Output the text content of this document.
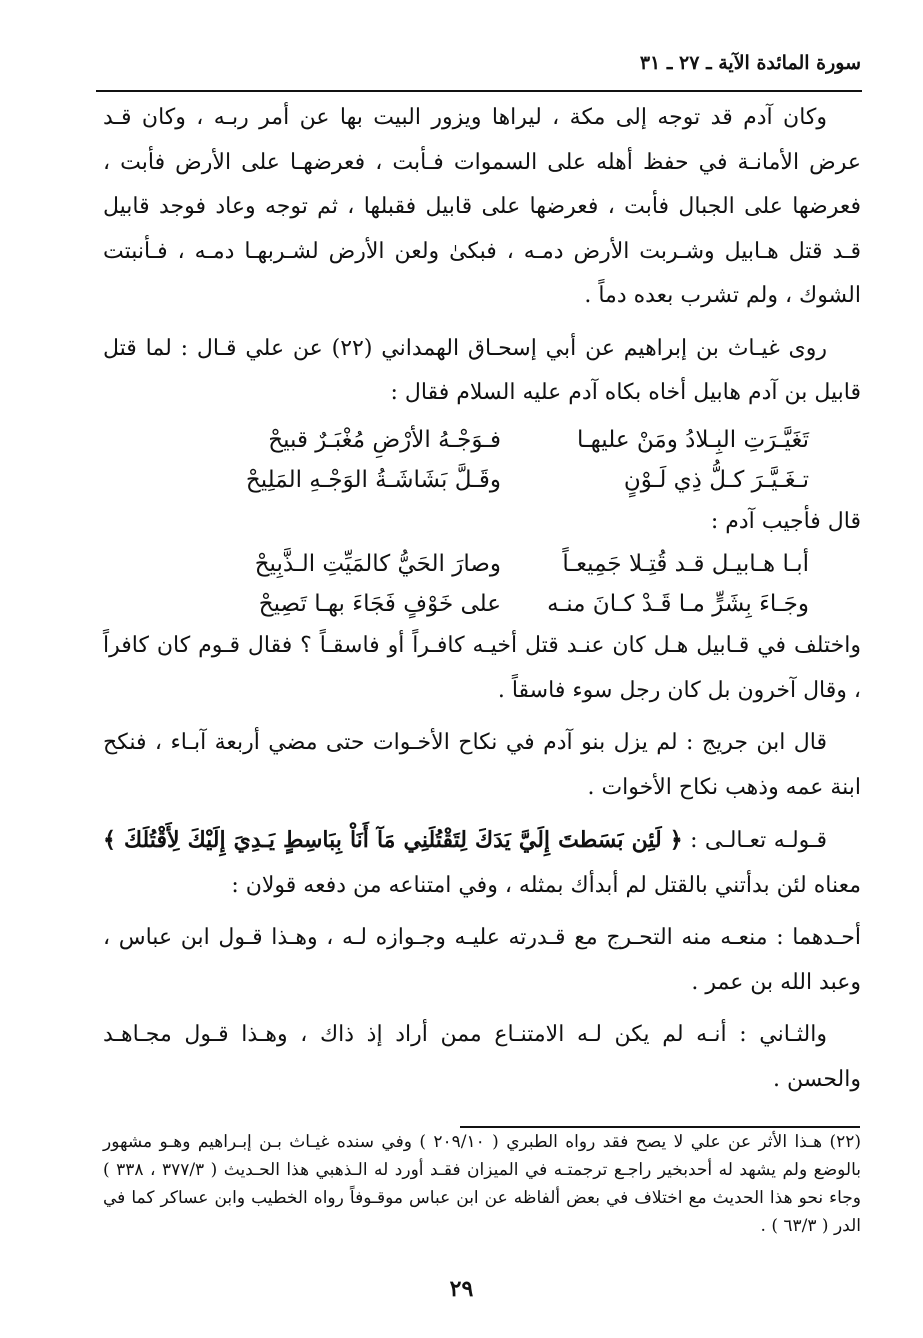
سورة المائدة الآية ـ ٢٧ ـ ٣١

وكان آدم قد توجه إلى مكة ، ليراها ويزور البيت بها عن أمر ربـه ، وكان قـد عرض الأمانـة في حفظ أهله على السموات فـأبت ، فعرضهـا على الأرض فأبت ، فعرضها على الجبال فأبت ، فعرضها على قابيل فقبلها ، ثم توجه وعاد فوجد قابيل قـد قتل هـابيل وشـربت الأرض دمـه ، فبكىٰ ولعن الأرض لشـربهـا دمـه ، فـأنبتت الشوك ، ولم تشرب بعده دماً .

روى غيـاث بن إبراهيم عن أبي إسحـاق الهمداني (٢٢) عن علي قـال : لما قتل قابيل بن آدم هابيل أخاه بكاه آدم عليه السلام فقال :

تَغَيَّـرَتِ البِـلادُ ومَنْ عليهـا
فـوَجْـهُ الأرْضِ مُغْبَـرٌ قبيحْ
تـغَـيَّـرَ كـلُّ ذِي لَـوْنٍ
وقَـلَّ بَشَاشَـةُ الوَجْـهِ المَلِيحْ

قال فأجيب آدم :

أبـا هـابيـل قـد قُتِـلا جَمِيعـاً
وصارَ الحَيُّ كالمَيِّتِ الـذَّبِيحْ
وجَـاءَ بِشَرٍّ مـا قَـدْ كـانَ منـه
على خَوْفٍ فَجَاءَ بهـا تَصِيحْ

واختلف في قـابيل هـل كان عنـد قتل أخيـه كافـراً أو فاسقـاً ؟ فقال قـوم كان كافراً ، وقال آخرون بل كان رجل سوء فاسقاً .

قال ابن جريج : لم يزل بنو آدم في نكاح الأخـوات حتى مضي أربعة آبـاء ، فنكح ابنة عمه وذهب نكاح الأخوات .

قـولـه تعـالـى : ﴿ لَئِن بَسَطتَ إِلَيَّ يَدَكَ لِتَقْتُلَنِي مَآ أَنَاْ بِبَاسِطٍ يَـدِيَ إِلَيْكَ لِأَقْتُلَكَ ﴾ معناه لئن بدأتني بالقتل لم أبدأك بمثله ، وفي امتناعه من دفعه قولان :

أحـدهما : منعـه منه التحـرج مع قـدرته عليـه وجـوازه لـه ، وهـذا قـول ابن عباس ، وعبد الله بن عمر .

والثـاني : أنـه لم يكن لـه الامتنـاع ممن أراد إذ ذاك ، وهـذا قـول مجـاهـد والحسن .

(٢٢) هـذا الأثر عن علي لا يصح فقد رواه الطبري ( ٢٠٩/١٠ ) وفي سنده غيـاث بـن إبـراهيم وهـو مشهور بالوضع ولم يشهد له أحدبخير راجـع ترجمتـه في الميزان فقـد أورد له الـذهبي هذا الحـديث ( ٣٧٧/٣ ، ٣٣٨ ) وجاء نحو هذا الحديث مع اختلاف في بعض ألفاظه عن ابن عباس موقـوفاً رواه الخطيب وابن عساكر كما في الدر ( ٦٣/٣ ) .

٢٩
